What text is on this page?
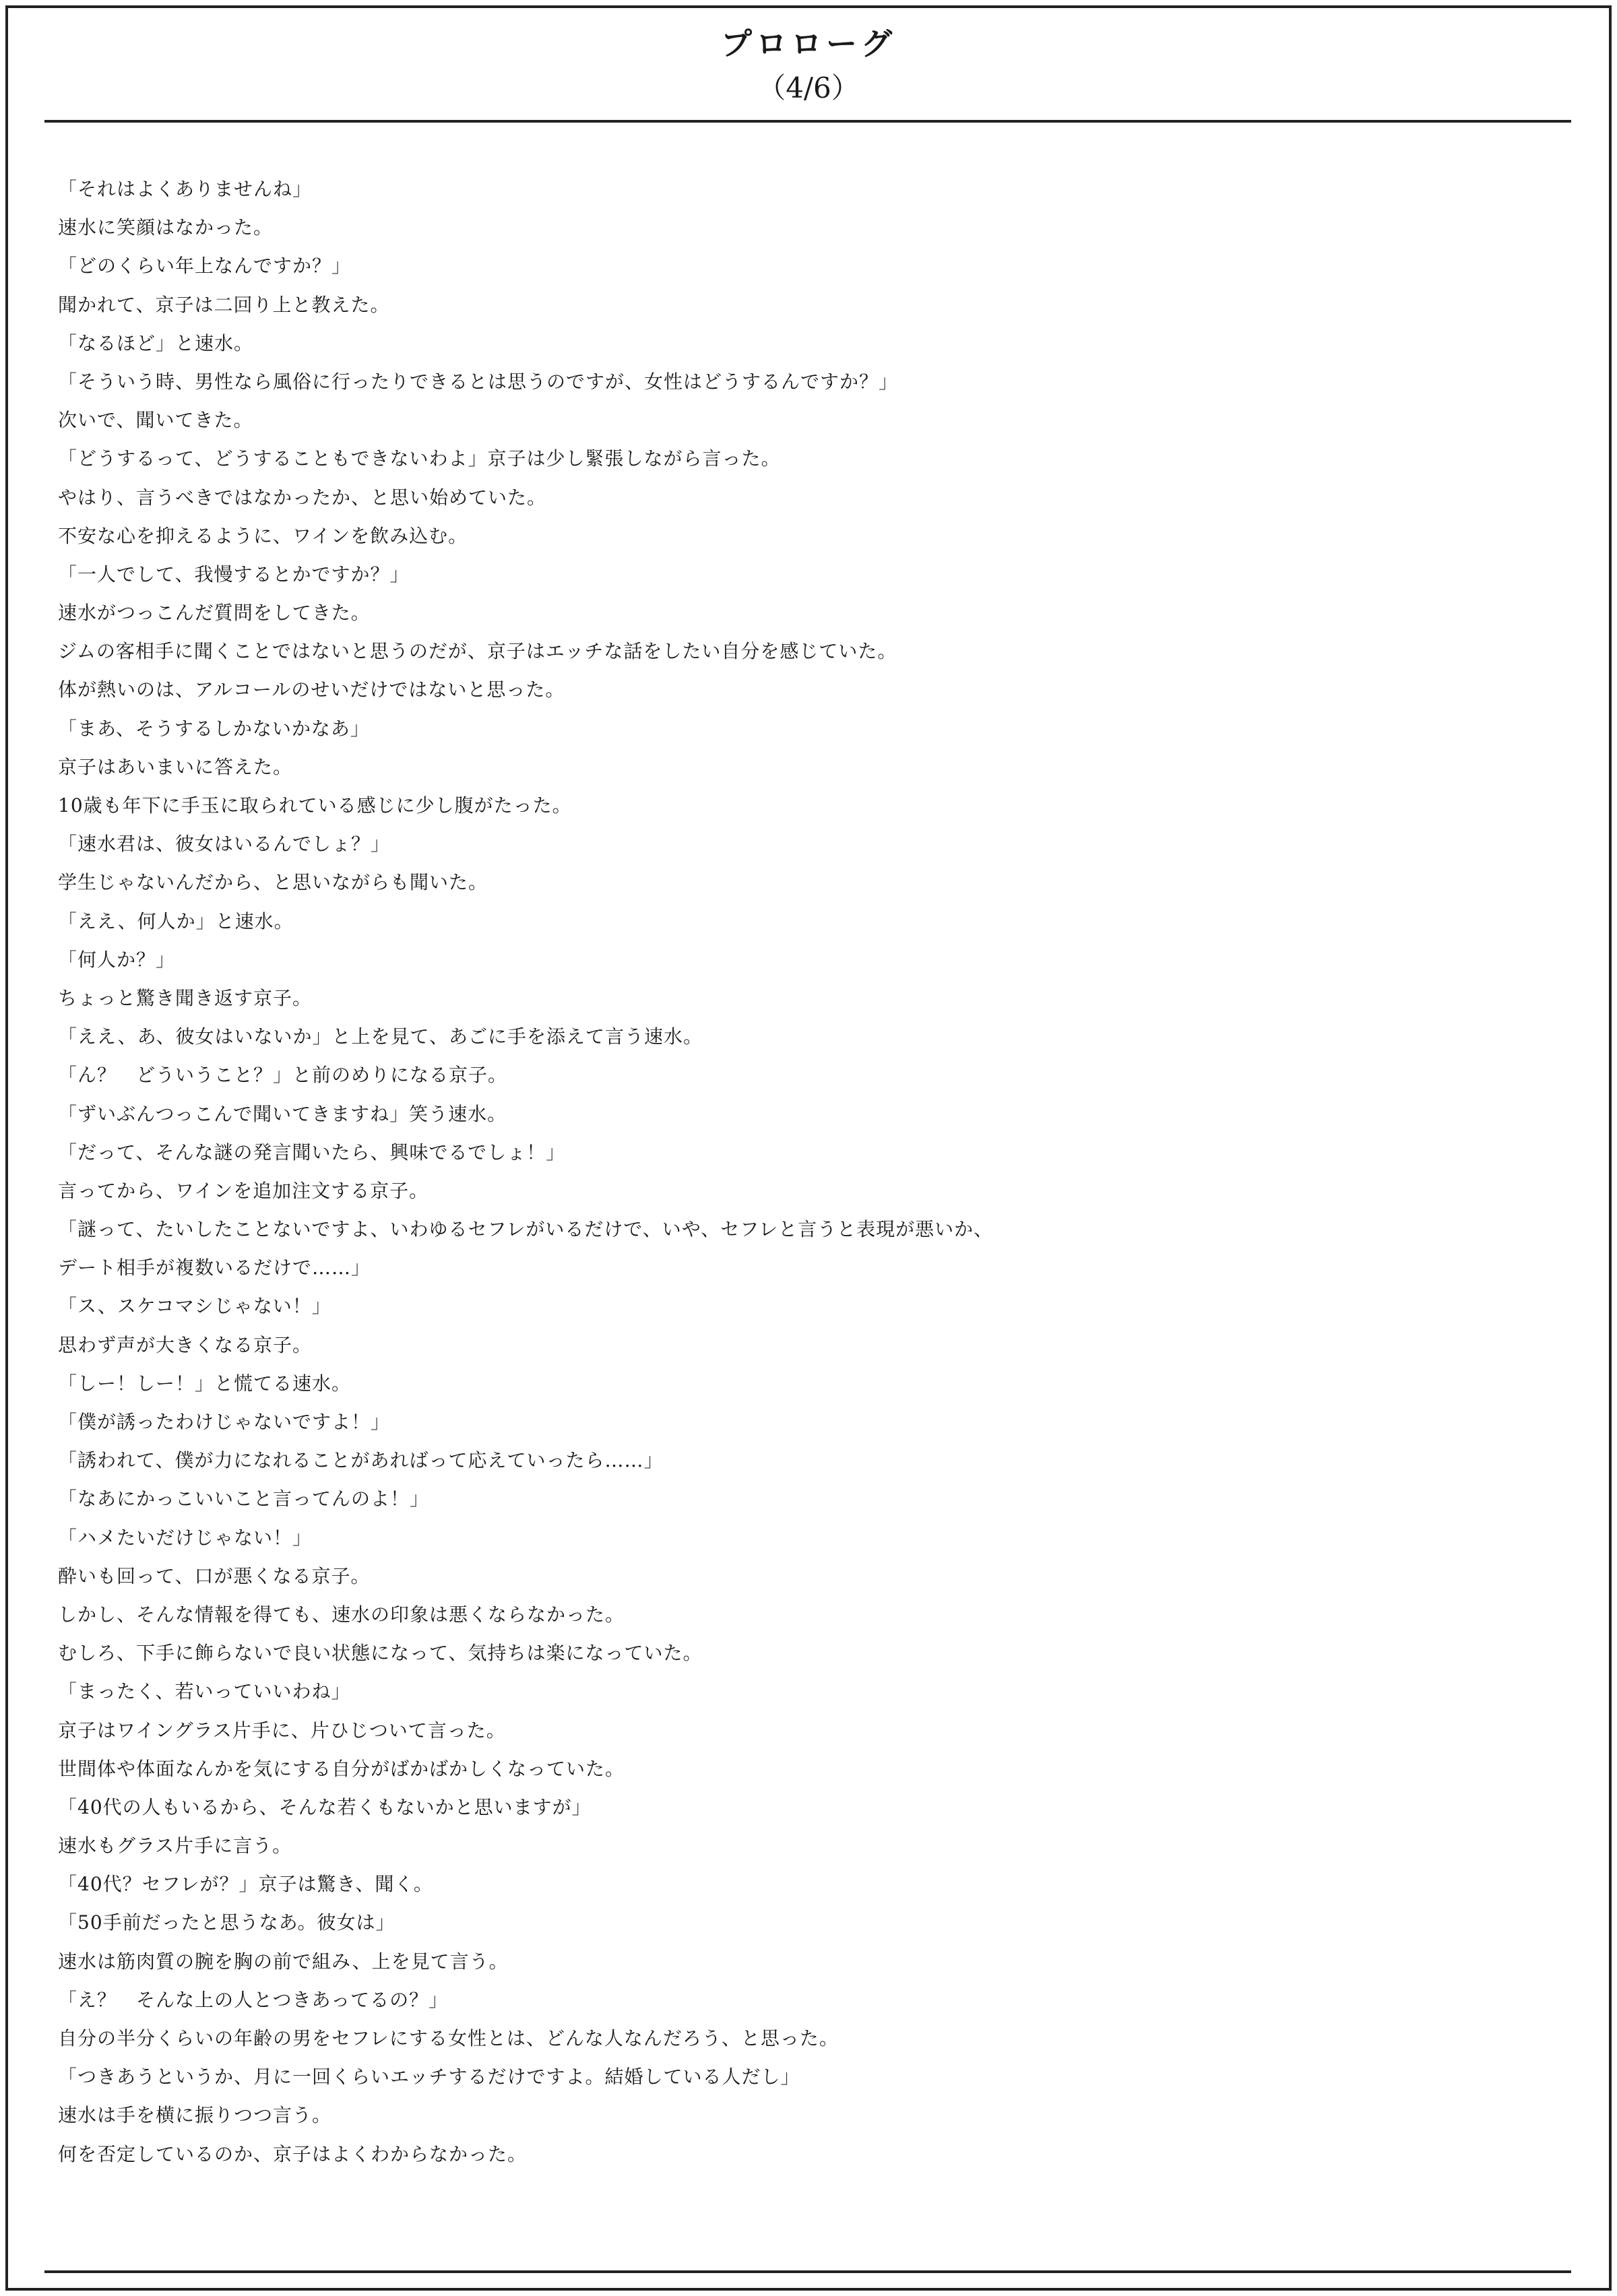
プロローグ
（4/6）
「それはよくありませんね」
速水に笑顔はなかった。
「どのくらい年上なんですか？」
聞かれて、京子は二回り上と教えた。
「なるほど」と速水。
「そういう時、男性なら風俗に行ったりできるとは思うのですが、女性はどうするんですか？」
次いで、聞いてきた。
「どうするって、どうすることもできないわよ」京子は少し緊張しながら言った。
やはり、言うべきではなかったか、と思い始めていた。
不安な心を抑えるように、ワインを飲み込む。
「一人でして、我慢するとかですか？」
速水がつっこんだ質問をしてきた。
ジムの客相手に聞くことではないと思うのだが、京子はエッチな話をしたい自分を感じていた。
体が熱いのは、アルコールのせいだけではないと思った。
「まあ、そうするしかないかなあ」
京子はあいまいに答えた。
10歳も年下に手玉に取られている感じに少し腹がたった。
「速水君は、彼女はいるんでしょ？」
学生じゃないんだから、と思いながらも聞いた。
「ええ、何人か」と速水。
「何人か？」
ちょっと驚き聞き返す京子。
「ええ、あ、彼女はいないか」と上を見て、あごに手を添えて言う速水。
「ん？　どういうこと？」と前のめりになる京子。
「ずいぶんつっこんで聞いてきますね」笑う速水。
「だって、そんな謎の発言聞いたら、興味でるでしょ！」
言ってから、ワインを追加注文する京子。
「謎って、たいしたことないですよ、いわゆるセフレがいるだけで、いや、セフレと言うと表現が悪いか、
デート相手が複数いるだけで……」
「ス、スケコマシじゃない！」
思わず声が大きくなる京子。
「しー！しー！」と慌てる速水。
「僕が誘ったわけじゃないですよ！」
「誘われて、僕が力になれることがあればって応えていったら……」
「なあにかっこいいこと言ってんのよ！」
「ハメたいだけじゃない！」
酔いも回って、口が悪くなる京子。
しかし、そんな情報を得ても、速水の印象は悪くならなかった。
むしろ、下手に飾らないで良い状態になって、気持ちは楽になっていた。
「まったく、若いっていいわね」
京子はワイングラス片手に、片ひじついて言った。
世間体や体面なんかを気にする自分がばかばかしくなっていた。
「40代の人もいるから、そんな若くもないかと思いますが」
速水もグラス片手に言う。
「40代？セフレが？」京子は驚き、聞く。
「50手前だったと思うなあ。彼女は」
速水は筋肉質の腕を胸の前で組み、上を見て言う。
「え？　そんな上の人とつきあってるの？」
自分の半分くらいの年齢の男をセフレにする女性とは、どんな人なんだろう、と思った。
「つきあうというか、月に一回くらいエッチするだけですよ。結婚している人だし」
速水は手を横に振りつつ言う。
何を否定しているのか、京子はよくわからなかった。
